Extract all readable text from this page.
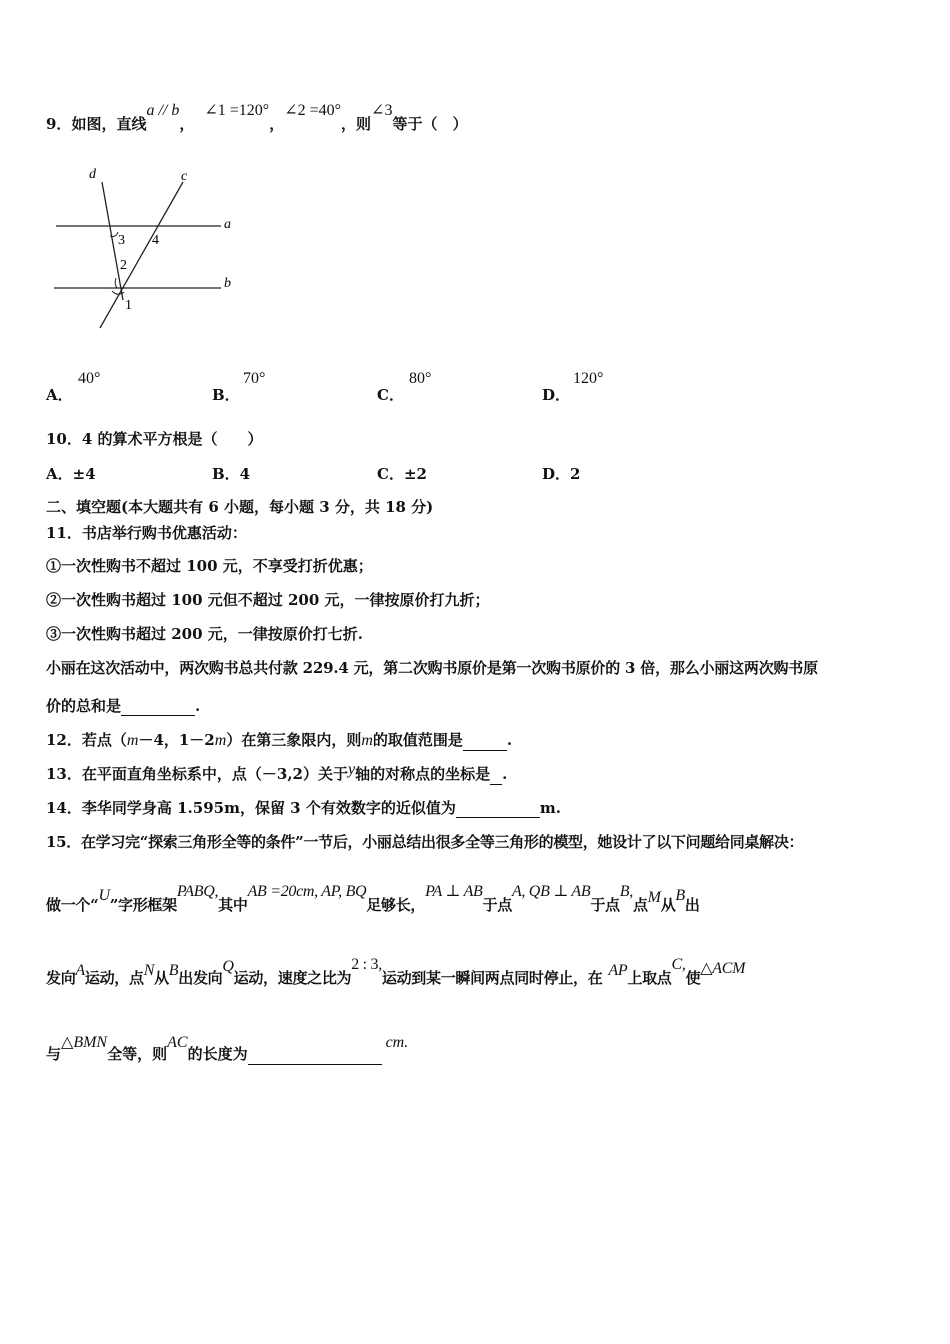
9．如图，直线a // b，∠1 =120°，∠2 =40°，则∠3等于（　）
d	c
a
b
3 4
2
1
A．
40°
B．
70°
C．
80°
D．
120°
10．4 的算术平方根是（　　）
A．±4	B．4	C．±2	D．2
二、填空题(本大题共有 6 小题，每小题 3 分，共 18 分)
11．书店举行购书优惠活动：
①一次性购书不超过 100 元，不享受打折优惠；
②一次性购书超过 100 元但不超过 200 元，一律按原价打九折；
③一次性购书超过 200 元，一律按原价打七折.
小丽在这次活动中，两次购书总共付款 229.4 元，第二次购书原价是第一次购书原价的 3 倍，那么小丽这两次购书原
价的总和是	.
12．若点（m－4，1－2m）在第三象限内，则m的取值范围是	.
13．在平面直角坐标系中，点（－3,2）关于y轴的对称点的坐标是 .
14．李华同学身高 1.595m，保留 3 个有效数字的近似值为	m.
15．在学习完“探索三角形全等的条件”一节后，小丽总结出很多全等三角形的模型，她设计了以下问题给同桌解决：
做一个“U”字形框架PABQ,其中AB =20cm, AP, BQ足够长，PA ⊥ AB于点A, QB ⊥ AB于点B,点M从B出
发向A运动，点N从B出发向Q运动，速度之比为2 : 3,运动到某一瞬间两点同时停止，在 AP上取点C,使△ACM
与△BMN全等，则AC的长度为cm.
